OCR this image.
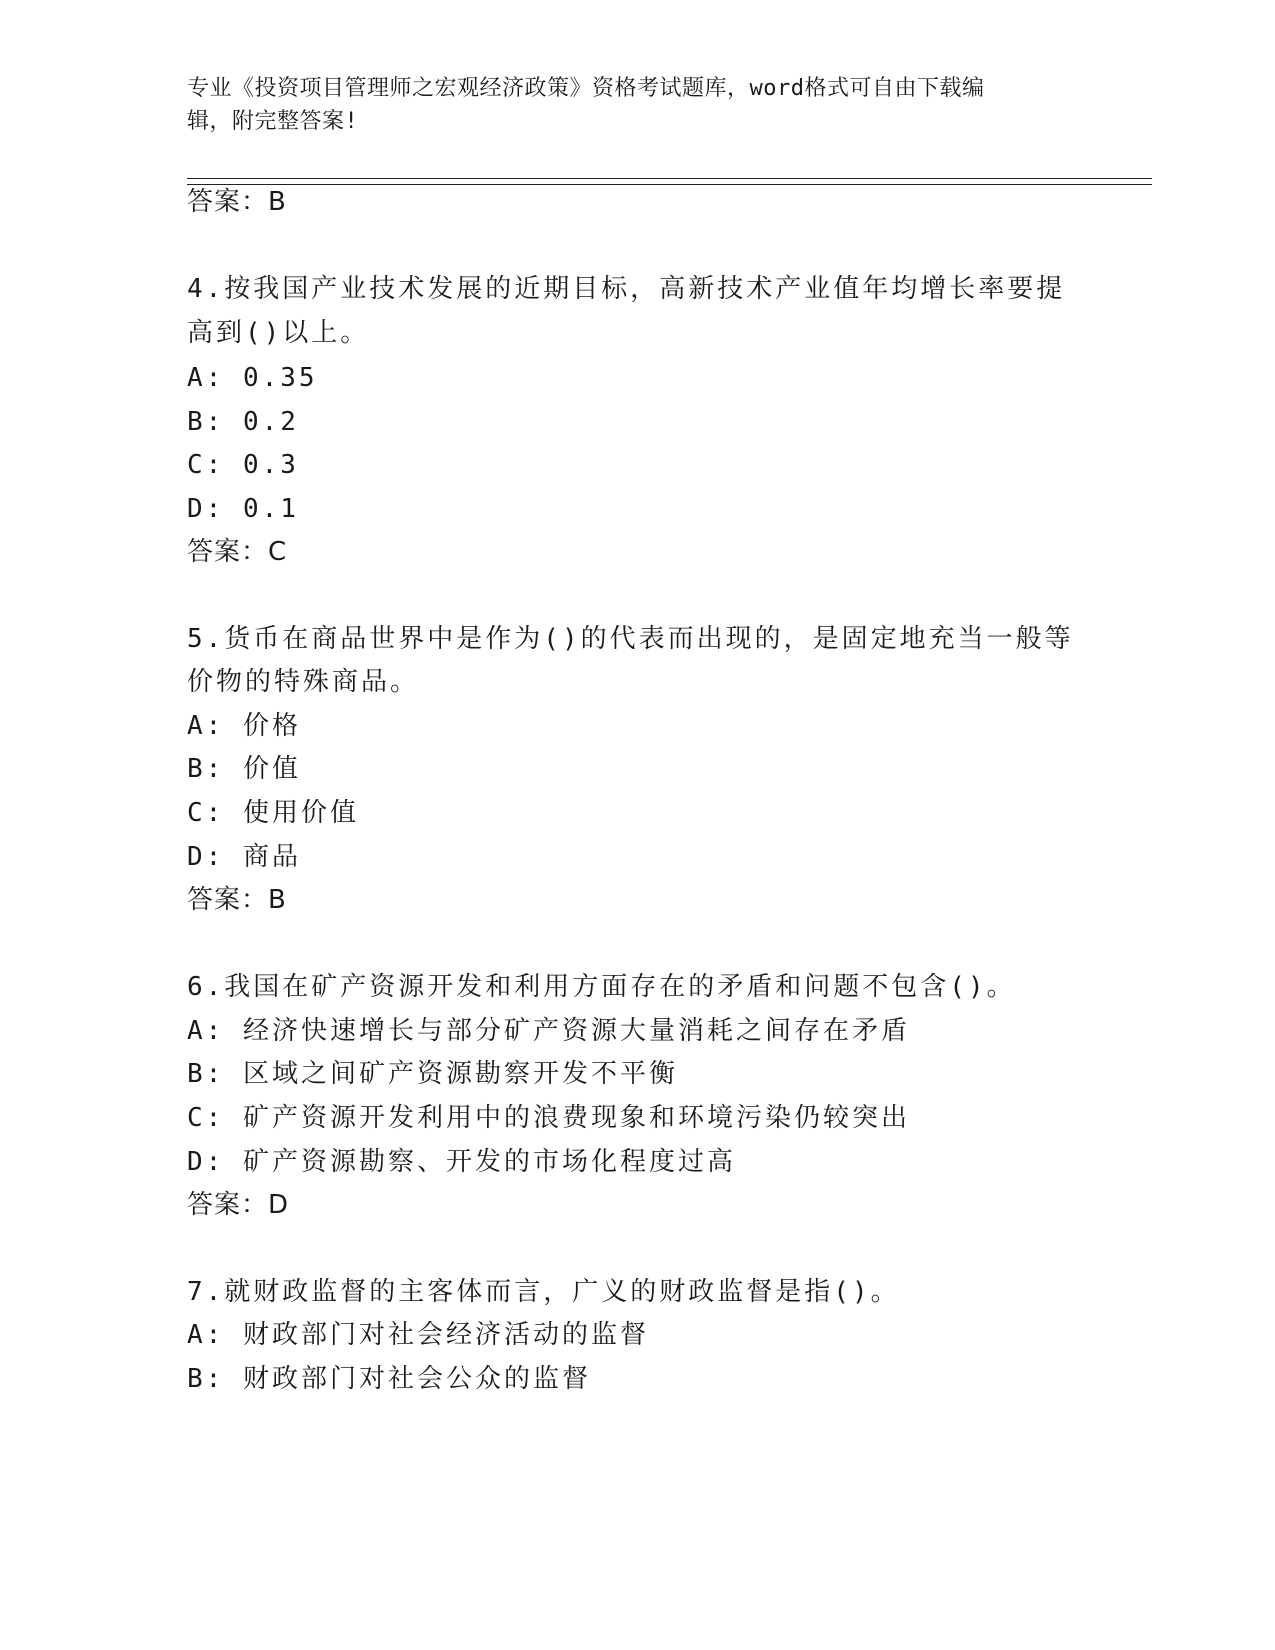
专业《投资项目管理师之宏观经济政策》资格考试题库，word格式可自由下载编
辑，附完整答案!
答案：B
4.按我国产业技术发展的近期目标，高新技术产业值年均增长率要提
高到()以上。
A: 0.35
B: 0.2
C: 0.3
D: 0.1
答案：C
5.货币在商品世界中是作为()的代表而出现的，是固定地充当一般等
价物的特殊商品。
A: 价格
B: 价值
C: 使用价值
D: 商品
答案：B
6.我国在矿产资源开发和利用方面存在的矛盾和问题不包含()。
A: 经济快速增长与部分矿产资源大量消耗之间存在矛盾
B: 区域之间矿产资源勘察开发不平衡
C: 矿产资源开发利用中的浪费现象和环境污染仍较突出
D: 矿产资源勘察、开发的市场化程度过高
答案：D
7.就财政监督的主客体而言，广义的财政监督是指()。
A: 财政部门对社会经济活动的监督
B: 财政部门对社会公众的监督
